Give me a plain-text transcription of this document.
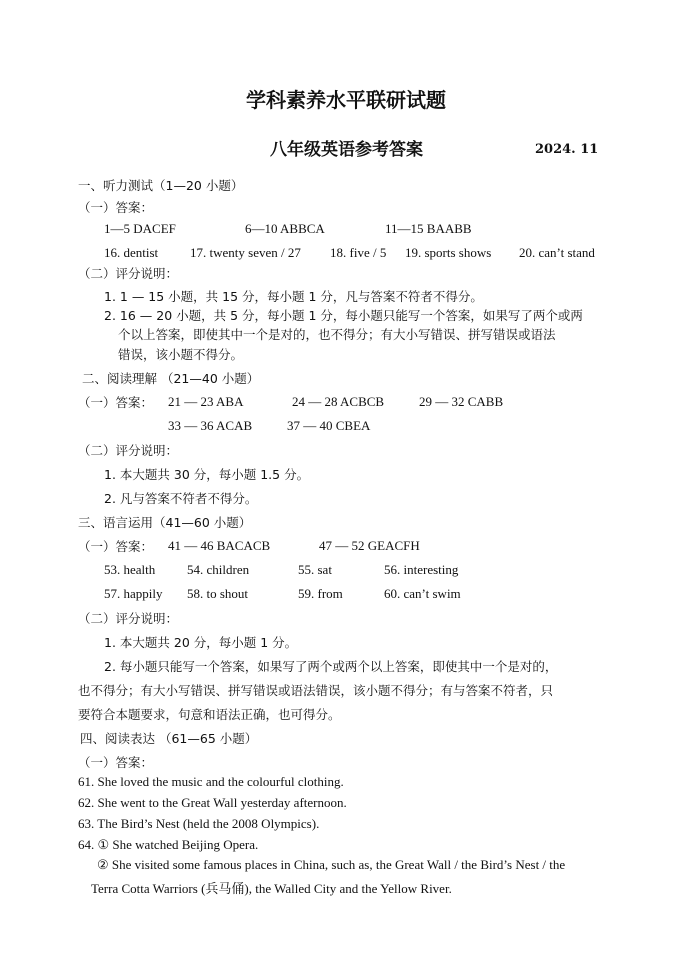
学科素养水平联研试题
八年级英语参考答案	2024. 11
一、听力测试（1—20 小题）
（一）答案：
1—5 DACEF	6—10 ABBCA	11—15 BAABB
16. dentist 17. twenty seven / 27 18. five / 5 19. sports shows 20. can’t stand
（二）评分说明：
1. 1 — 15 小题，共 15 分，每小题 1 分，凡与答案不符者不得分。
2. 16 — 20 小题，共 5 分，每小题 1 分，每小题只能写一个答案，如果写了两个或两
个以上答案，即使其中一个是对的，也不得分；有大小写错误、拼写错误或语法
错误，该小题不得分。
二、阅读理解 （21—40 小题）
（一）答案： 21 — 23 ABA	24 — 28 ACBCB	29 — 32 CABB
33 — 36 ACAB	37 — 40 CBEA
（二）评分说明：
1. 本大题共 30 分，每小题 1.5 分。
2. 凡与答案不符者不得分。
三、语言运用（41—60 小题）
（一）答案： 41 — 46 BACACB	47 — 52 GEACFH
53. health 54. children	55. sat	56. interesting
57. happily 58. to shout	59. from	60. can’t swim
（二）评分说明：
1. 本大题共 20 分，每小题 1 分。
2. 每小题只能写一个答案，如果写了两个或两个以上答案，即使其中一个是对的，
也不得分；有大小写错误、拼写错误或语法错误，该小题不得分；有与答案不符者，只
要符合本题要求，句意和语法正确，也可得分。
四、阅读表达 （61—65 小题）
（一）答案：
61. She loved the music and the colourful clothing.
62. She went to the Great Wall yesterday afternoon.
63. The Bird’s Nest (held the 2008 Olympics).
64. ① She watched Beijing Opera.
② She visited some famous places in China, such as, the Great Wall / the Bird’s Nest / the
Terra Cotta Warriors (兵马俑), the Walled City and the Yellow River.
